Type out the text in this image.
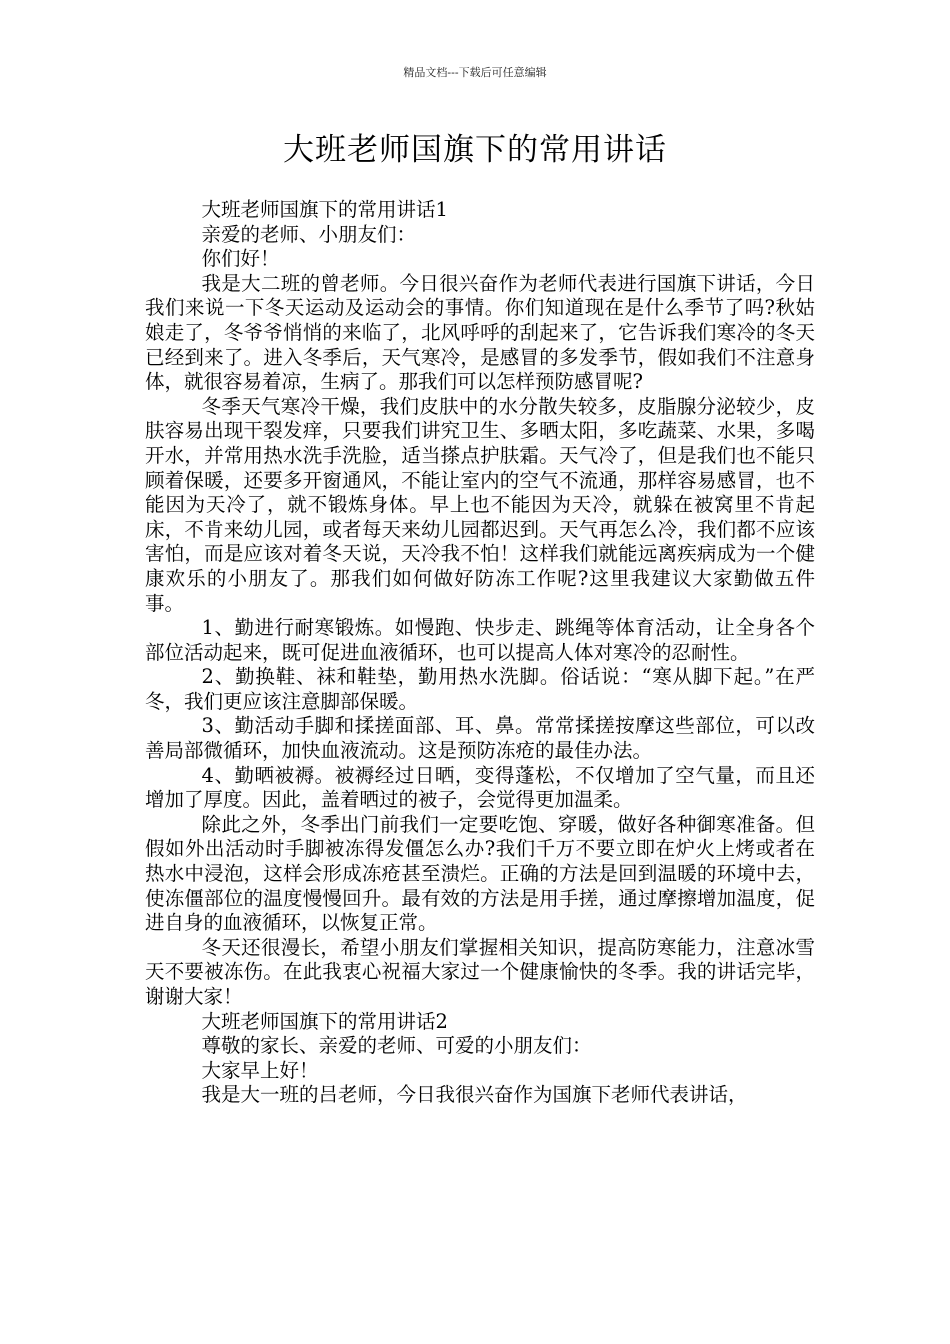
精品文档---下载后可任意编辑
大班老师国旗下的常用讲话

大班老师国旗下的常用讲话1

亲爱的老师、小朋友们：

你们好！

我是大二班的曾老师。今日很兴奋作为老师代表进行国旗下讲话，今日我们来说一下冬天运动及运动会的事情。你们知道现在是什么季节了吗?秋姑娘走了，冬爷爷悄悄的来临了，北风呼呼的刮起来了，它告诉我们寒冷的冬天已经到来了。进入冬季后，天气寒冷，是感冒的多发季节，假如我们不注意身体，就很容易着凉，生病了。那我们可以怎样预防感冒呢?

冬季天气寒冷干燥，我们皮肤中的水分散失较多，皮脂腺分泌较少，皮肤容易出现干裂发痒，只要我们讲究卫生、多晒太阳，多吃蔬菜、水果，多喝开水，并常用热水洗手洗脸，适当搽点护肤霜。天气冷了，但是我们也不能只顾着保暖，还要多开窗通风，不能让室内的空气不流通，那样容易感冒，也不能因为天冷了，就不锻炼身体。早上也不能因为天冷，就躲在被窝里不肯起床，不肯来幼儿园，或者每天来幼儿园都迟到。天气再怎么冷，我们都不应该害怕，而是应该对着冬天说，天冷我不怕！这样我们就能远离疾病成为一个健康欢乐的小朋友了。那我们如何做好防冻工作呢?这里我建议大家勤做五件事。

1、勤进行耐寒锻炼。如慢跑、快步走、跳绳等体育活动，让全身各个部位活动起来，既可促进血液循环，也可以提高人体对寒冷的忍耐性。

2、勤换鞋、袜和鞋垫，勤用热水洗脚。俗话说：“寒从脚下起。”在严冬，我们更应该注意脚部保暖。

3、勤活动手脚和揉搓面部、耳、鼻。常常揉搓按摩这些部位，可以改善局部微循环，加快血液流动。这是预防冻疮的最佳办法。

4、勤晒被褥。被褥经过日晒，变得蓬松，不仅增加了空气量，而且还增加了厚度。因此，盖着晒过的被子，会觉得更加温柔。

除此之外，冬季出门前我们一定要吃饱、穿暖，做好各种御寒准备。但假如外出活动时手脚被冻得发僵怎么办?我们千万不要立即在炉火上烤或者在热水中浸泡，这样会形成冻疮甚至溃烂。正确的方法是回到温暖的环境中去，使冻僵部位的温度慢慢回升。最有效的方法是用手搓，通过摩擦增加温度，促进自身的血液循环，以恢复正常。

冬天还很漫长，希望小朋友们掌握相关知识，提高防寒能力，注意冰雪天不要被冻伤。在此我衷心祝福大家过一个健康愉快的冬季。我的讲话完毕，谢谢大家！

大班老师国旗下的常用讲话2

尊敬的家长、亲爱的老师、可爱的小朋友们：

大家早上好！

我是大一班的吕老师，今日我很兴奋作为国旗下老师代表讲话，
